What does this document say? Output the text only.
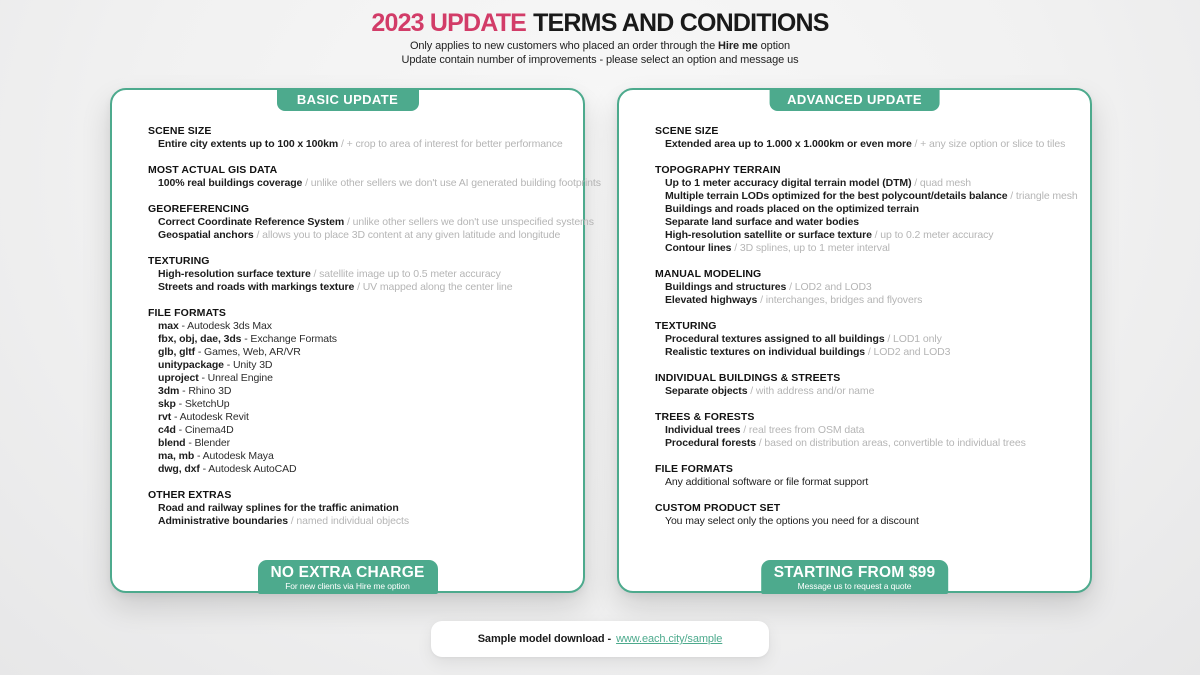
2023 UPDATE TERMS AND CONDITIONS

Only applies to new customers who placed an order through the Hire me option

Update contain number of improvements - please select an option and message us

BASIC UPDATE
SCENE SIZE
Entire city extents up to 100 x 100km / + crop to area of interest for better performance
MOST ACTUAL GIS DATA
100% real buildings coverage / unlike other sellers we don't use AI generated building footprints
GEOREFERENCING
Correct Coordinate Reference System / unlike other sellers we don't use unspecified systems
Geospatial anchors / allows you to place 3D content at any given latitude and longitude
TEXTURING
High-resolution surface texture / satellite image up to 0.5 meter accuracy
Streets and roads with markings texture / UV mapped along the center line
FILE FORMATS
max - Autodesk 3ds Max
fbx, obj, dae, 3ds - Exchange Formats
glb, gltf - Games, Web, AR/VR
unitypackage - Unity 3D
uproject - Unreal Engine
3dm - Rhino 3D
skp - SketchUp
rvt - Autodesk Revit
c4d - Cinema4D
blend - Blender
ma, mb - Autodesk Maya
dwg, dxf - Autodesk AutoCAD
OTHER EXTRAS
Road and railway splines for the traffic animation
Administrative boundaries / named individual objects
NO EXTRA CHARGE
For new clients via Hire me option
ADVANCED UPDATE
SCENE SIZE
Extended area up to 1.000 x 1.000km or even more / + any size option or slice to tiles
TOPOGRAPHY TERRAIN
Up to 1 meter accuracy digital terrain model (DTM) / quad mesh
Multiple terrain LODs optimized for the best polycount/details balance / triangle mesh
Buildings and roads placed on the optimized terrain
Separate land surface and water bodies
High-resolution satellite or surface texture / up to 0.2 meter accuracy
Contour lines / 3D splines, up to 1 meter interval
MANUAL MODELING
Buildings and structures / LOD2 and LOD3
Elevated highways / interchanges, bridges and flyovers
TEXTURING
Procedural textures assigned to all buildings / LOD1 only
Realistic textures on individual buildings / LOD2 and LOD3
INDIVIDUAL BUILDINGS & STREETS
Separate objects / with address and/or name
TREES & FORESTS
Individual trees / real trees from OSM data
Procedural forests / based on distribution areas, convertible to individual trees
FILE FORMATS
Any additional software or file format support
CUSTOM PRODUCT SET
You may select only the options you need for a discount
STARTING FROM $99
Message us to request a quote
Sample model download - www.each.city/sample
